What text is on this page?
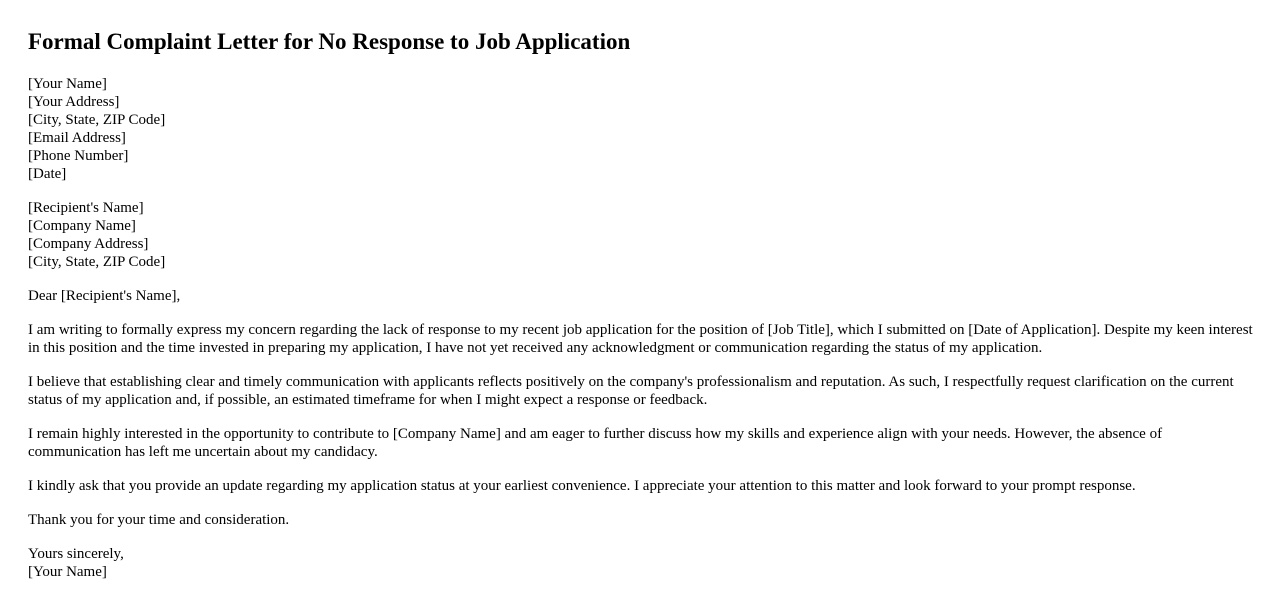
Formal Complaint Letter for No Response to Job Application
[Your Name]
[Your Address]
[City, State, ZIP Code]
[Email Address]
[Phone Number]
[Date]
[Recipient's Name]
[Company Name]
[Company Address]
[City, State, ZIP Code]
Dear [Recipient's Name],

I am writing to formally express my concern regarding the lack of response to my recent job application for the position of [Job Title], which I submitted on [Date of Application]. Despite my keen interest in this position and the time invested in preparing my application, I have not yet received any acknowledgment or communication regarding the status of my application.

I believe that establishing clear and timely communication with applicants reflects positively on the company's professionalism and reputation. As such, I respectfully request clarification on the current status of my application and, if possible, an estimated timeframe for when I might expect a response or feedback.

I remain highly interested in the opportunity to contribute to [Company Name] and am eager to further discuss how my skills and experience align with your needs. However, the absence of communication has left me uncertain about my candidacy.

I kindly ask that you provide an update regarding my application status at your earliest convenience. I appreciate your attention to this matter and look forward to your prompt response.

Thank you for your time and consideration.

Yours sincerely,
[Your Name]
